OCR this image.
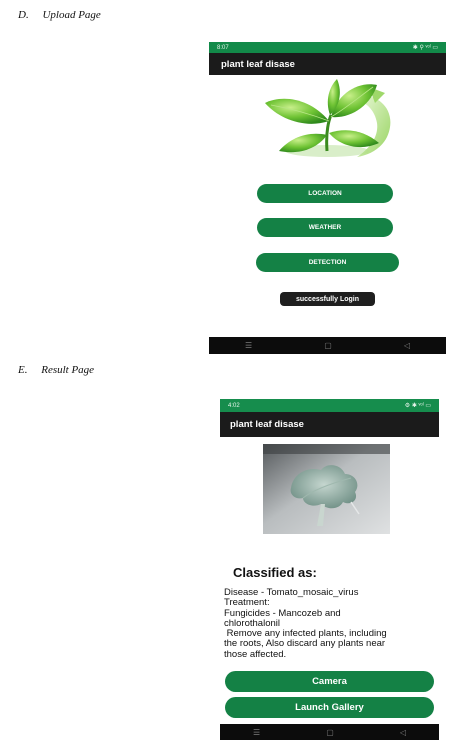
D.     Upload Page
E.     Result Page
8:07	✱ ⚲ ᵛᵒˡ ▭
plant leaf disase
LOCATION
WEATHER
DETECTION
successfully Login
☰	▢	◁
4:02	⚙ ✱ ᵛᵒˡ ▭
plant leaf disase
Classified as:
Disease - Tomato_mosaic_virus
Treatment:
Fungicides - Mancozeb and
chlorothalonil
Remove any infected plants, including
the roots, Also discard any plants near
those affected.
Camera
Launch Gallery
☰	▢	◁
